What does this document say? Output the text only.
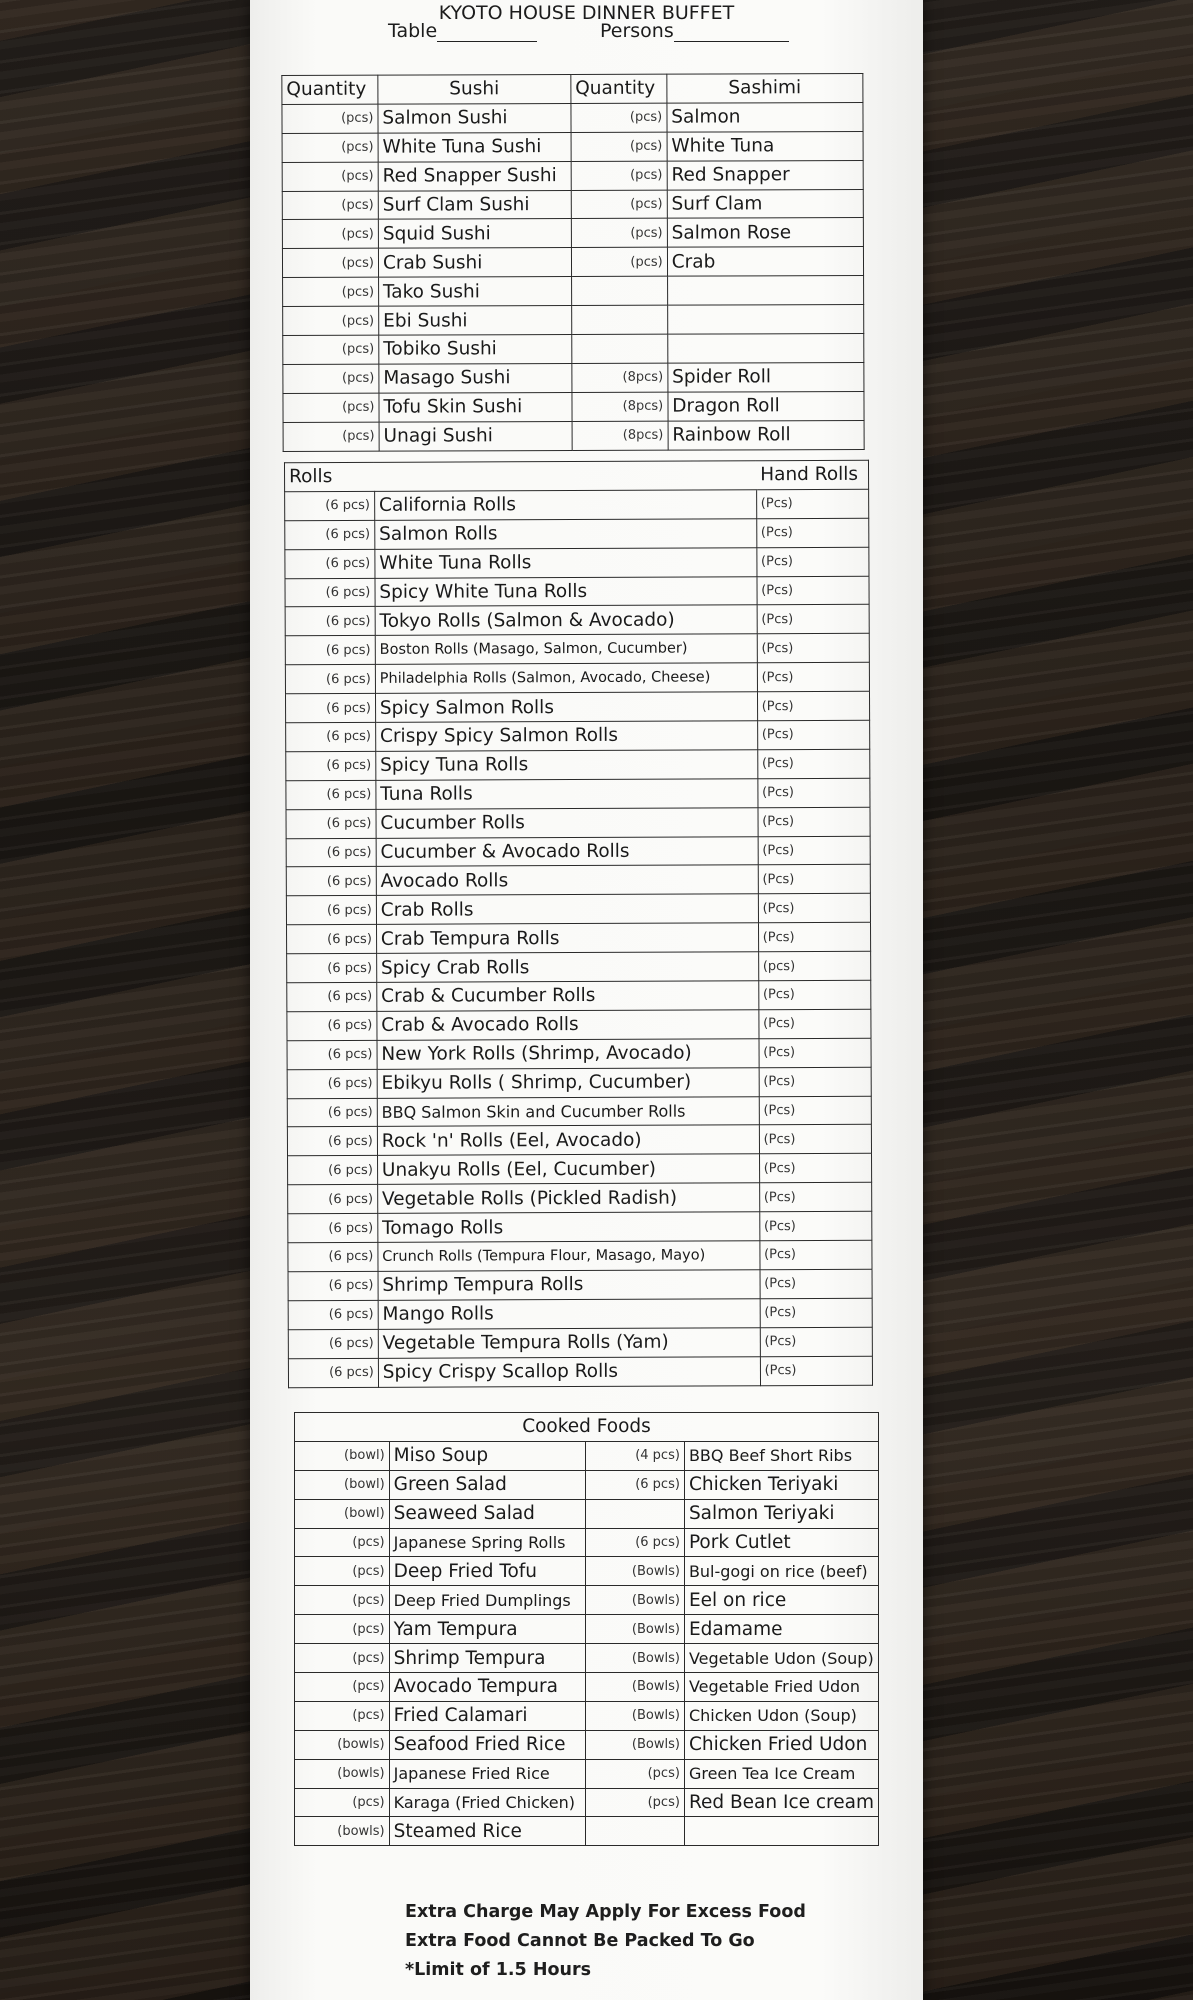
KYOTO HOUSE DINNER BUFFET
Table	Persons
Quantity	Sushi	Quantity	Sashimi
(pcs)	Salmon Sushi	(pcs)	Salmon
(pcs)	White Tuna Sushi	(pcs)	White Tuna
(pcs)	Red Snapper Sushi	(pcs)	Red Snapper
(pcs)	Surf Clam Sushi	(pcs)	Surf Clam
(pcs)	Squid Sushi	(pcs)	Salmon Rose
(pcs)	Crab Sushi	(pcs)	Crab
(pcs)	Tako Sushi		
(pcs)	Ebi Sushi		
(pcs)	Tobiko Sushi		
(pcs)	Masago Sushi	(8pcs)	Spider Roll
(pcs)	Tofu Skin Sushi	(8pcs)	Dragon Roll
(pcs)	Unagi Sushi	(8pcs)	Rainbow Roll
Rolls		Hand Rolls
(6 pcs)	California Rolls	(Pcs)
(6 pcs)	Salmon Rolls	(Pcs)
(6 pcs)	White Tuna Rolls	(Pcs)
(6 pcs)	Spicy White Tuna Rolls	(Pcs)
(6 pcs)	Tokyo Rolls (Salmon & Avocado)	(Pcs)
(6 pcs)	Boston Rolls (Masago, Salmon, Cucumber)	(Pcs)
(6 pcs)	Philadelphia Rolls (Salmon, Avocado, Cheese)	(Pcs)
(6 pcs)	Spicy Salmon Rolls	(Pcs)
(6 pcs)	Crispy Spicy Salmon Rolls	(Pcs)
(6 pcs)	Spicy Tuna Rolls	(Pcs)
(6 pcs)	Tuna Rolls	(Pcs)
(6 pcs)	Cucumber Rolls	(Pcs)
(6 pcs)	Cucumber & Avocado Rolls	(Pcs)
(6 pcs)	Avocado Rolls	(Pcs)
(6 pcs)	Crab Rolls	(Pcs)
(6 pcs)	Crab Tempura Rolls	(Pcs)
(6 pcs)	Spicy Crab Rolls	(pcs)
(6 pcs)	Crab & Cucumber Rolls	(Pcs)
(6 pcs)	Crab & Avocado Rolls	(Pcs)
(6 pcs)	New York Rolls (Shrimp, Avocado)	(Pcs)
(6 pcs)	Ebikyu Rolls ( Shrimp, Cucumber)	(Pcs)
(6 pcs)	BBQ Salmon Skin and Cucumber Rolls	(Pcs)
(6 pcs)	Rock 'n' Rolls (Eel, Avocado)	(Pcs)
(6 pcs)	Unakyu Rolls (Eel, Cucumber)	(Pcs)
(6 pcs)	Vegetable Rolls (Pickled Radish)	(Pcs)
(6 pcs)	Tomago Rolls	(Pcs)
(6 pcs)	Crunch Rolls (Tempura Flour, Masago, Mayo)	(Pcs)
(6 pcs)	Shrimp Tempura Rolls	(Pcs)
(6 pcs)	Mango Rolls	(Pcs)
(6 pcs)	Vegetable Tempura Rolls (Yam)	(Pcs)
(6 pcs)	Spicy Crispy Scallop Rolls	(Pcs)
Cooked Foods			
(bowl)	Miso Soup	(4 pcs)	BBQ Beef Short Ribs
(bowl)	Green Salad	(6 pcs)	Chicken Teriyaki
(bowl)	Seaweed Salad		Salmon Teriyaki
(pcs)	Japanese Spring Rolls	(6 pcs)	Pork Cutlet
(pcs)	Deep Fried Tofu	(Bowls)	Bul-gogi on rice (beef)
(pcs)	Deep Fried Dumplings	(Bowls)	Eel on rice
(pcs)	Yam Tempura	(Bowls)	Edamame
(pcs)	Shrimp Tempura	(Bowls)	Vegetable Udon (Soup)
(pcs)	Avocado Tempura	(Bowls)	Vegetable Fried Udon
(pcs)	Fried Calamari	(Bowls)	Chicken Udon (Soup)
(bowls)	Seafood Fried Rice	(Bowls)	Chicken Fried Udon
(bowls)	Japanese Fried Rice	(pcs)	Green Tea Ice Cream
(pcs)	Karaga (Fried Chicken)	(pcs)	Red Bean Ice cream
(bowls)	Steamed Rice		
Extra Charge May Apply For Excess Food
Extra Food Cannot Be Packed To Go
*Limit of 1.5 Hours
